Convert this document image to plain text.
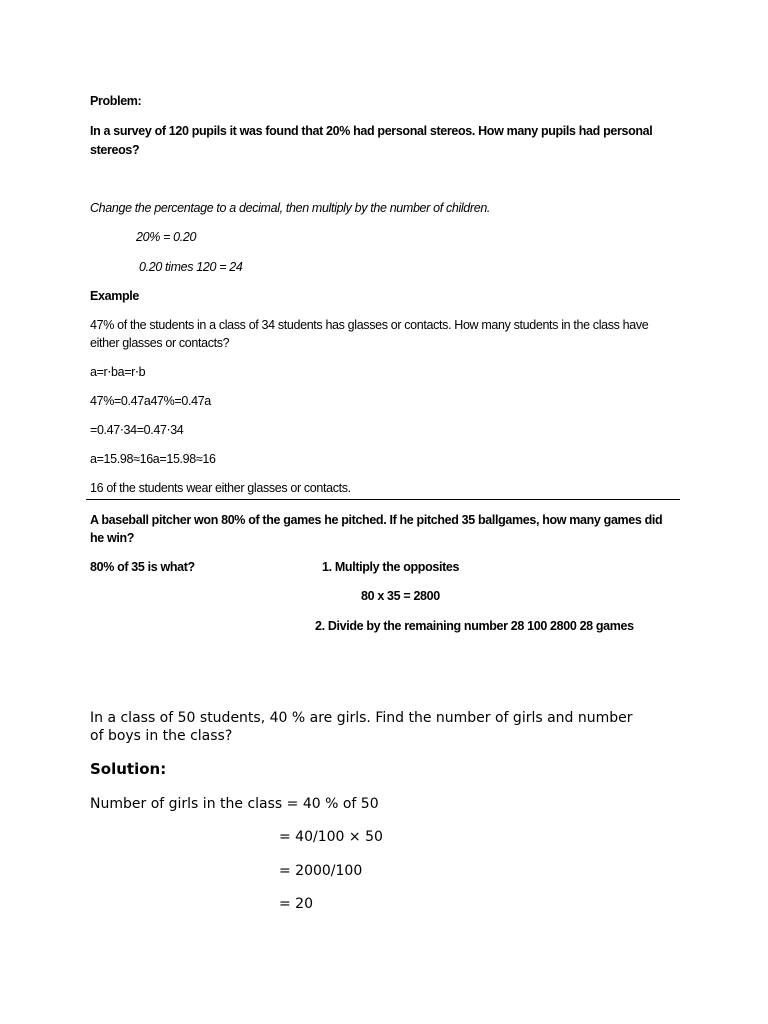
Problem:
In a survey of 120 pupils it was found that 20% had personal stereos. How many pupils had personal
stereos?
Change the percentage to a decimal, then multiply by the number of children.
20% = 0.20
0.20 times 120 = 24
Example
47% of the students in a class of 34 students has glasses or contacts. How many students in the class have
either glasses or contacts?
a=r⋅ba=r⋅b
47%=0.47a47%=0.47a
=0.47⋅34=0.47⋅34
a=15.98≈16a=15.98≈16
16 of the students wear either glasses or contacts.
A baseball pitcher won 80% of the games he pitched. If he pitched 35 ballgames, how many games did
he win?
80% of 35 is what?	1. Multiply the opposites
80 x 35 = 2800
2. Divide by the remaining number 28 100 2800 28 games
In a class of 50 students, 40 % are girls. Find the number of girls and number
of boys in the class?
Solution:
Number of girls in the class = 40 % of 50
= 40/100 × 50
= 2000/100
= 20
